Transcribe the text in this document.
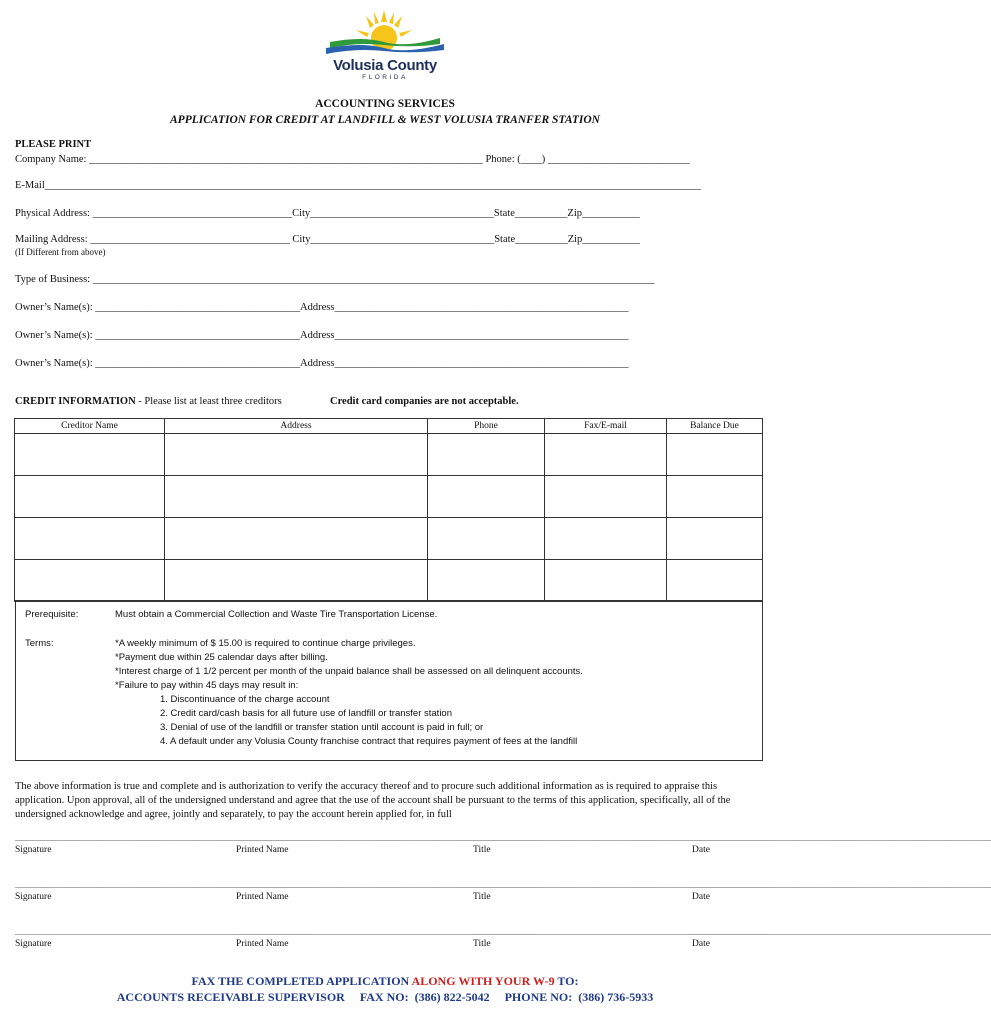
Volusia County
FLORIDA
ACCOUNTING SERVICES
APPLICATION FOR CREDIT AT LANDFILL & WEST VOLUSIA TRANFER STATION
PLEASE PRINT
Company Name: ___________________________________________________________________________ Phone: (____) ___________________________
E-Mail_____________________________________________________________________________________________________________________________
Physical Address: ______________________________________City___________________________________State__________Zip___________
Mailing Address: ______________________________________ City___________________________________State__________Zip___________
(If Different from above)
Type of Business: ___________________________________________________________________________________________________________
Owner’s Name(s): _______________________________________Address________________________________________________________
Owner’s Name(s): _______________________________________Address________________________________________________________
Owner’s Name(s): _______________________________________Address________________________________________________________
CREDIT INFORMATION - Please list at least three creditors	Credit card companies are not acceptable.
Creditor Name	Address	Phone	Fax/E-mail	Balance Due

Prerequisite:	Must obtain a Commercial Collection and Waste Tire Transportation License.
Terms:	*A weekly minimum of $ 15.00 is required to continue charge privileges.
*Payment due within 25 calendar days after billing.
*Interest charge of 1 1/2 percent per month of the unpaid balance shall be assessed on all delinquent accounts.
*Failure to pay within 45 days may result in:
1. Discontinuance of the charge account
2. Credit card/cash basis for all future use of landfill or transfer station
3. Denial of use of the landfill or transfer station until account is paid in full; or
4. A default under any Volusia County franchise contract that requires payment of fees at the landfill
The above information is true and complete and is authorization to verify the accuracy thereof and to procure such additional information as is required to appraise this application. Upon approval, all of the undersigned understand and agree that the use of the account shall be pursuant to the terms of this application, specifically, all of the undersigned acknowledge and agree, jointly and separately, to pay the account herein applied for, in full
_______________________________________________________________
_______________________________________________________________
_______________________________________________________________
_______________________________________________________________
Signature	Printed Name	Title	Date
_______________________________________________________________
_______________________________________________________________
_______________________________________________________________
_______________________________________________________________
Signature	Printed Name	Title	Date
_______________________________________________________________
_______________________________________________________________
_______________________________________________________________
_______________________________________________________________
Signature	Printed Name	Title	Date
FAX THE COMPLETED APPLICATION ALONG WITH YOUR W-9 TO:
ACCOUNTS RECEIVABLE SUPERVISOR     FAX NO:  (386) 822-5042     PHONE NO:  (386) 736-5933
